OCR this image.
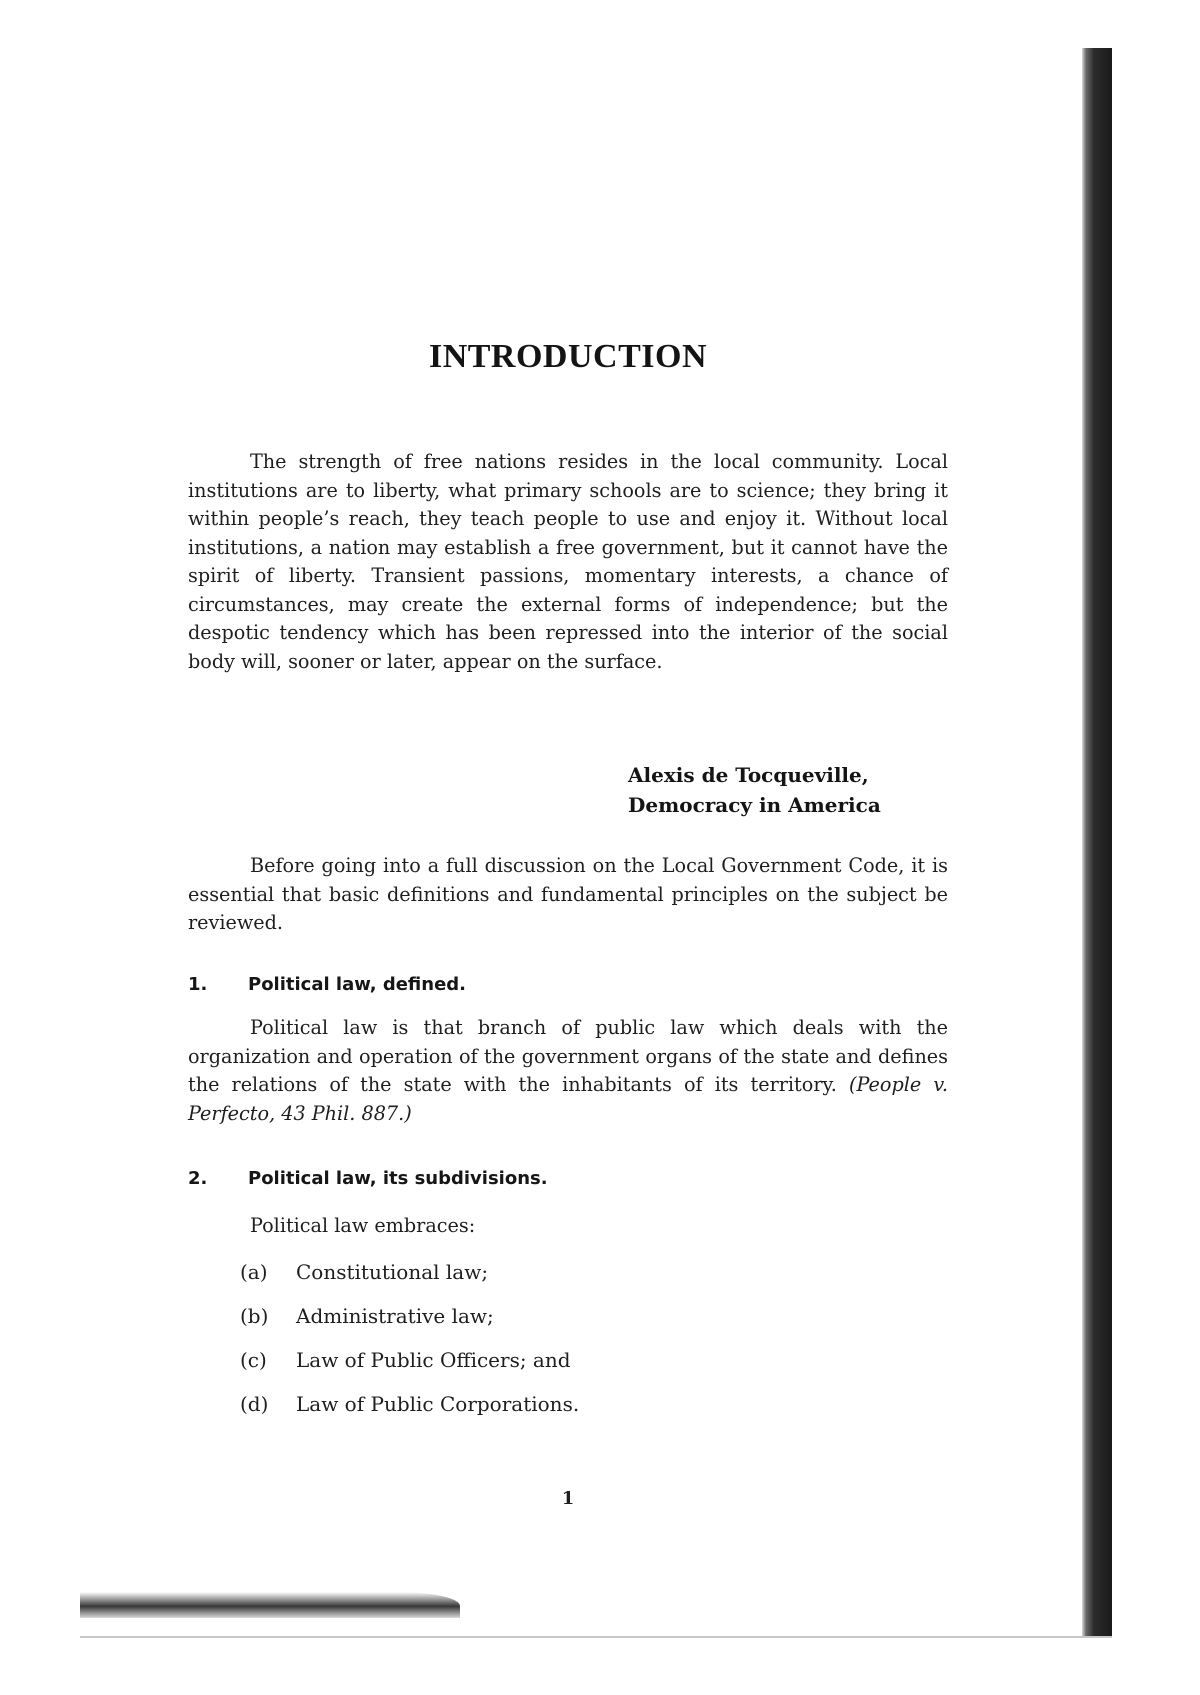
INTRODUCTION

The strength of free nations resides in the local community. Local institutions are to liberty, what primary schools are to science; they bring it within people’s reach, they teach people to use and enjoy it. Without local institutions, a nation may establish a free government, but it cannot have the spirit of liberty. Transient passions, momentary interests, a chance of circumstances, may create the external forms of independence; but the despotic tendency which has been repressed into the interior of the social body will, sooner or later, appear on the surface.

Alexis de Tocqueville,
Democracy in America

Before going into a full discussion on the Local Government Code, it is essential that basic definitions and fundamental principles on the subject be reviewed.

1. Political law, defined.

Political law is that branch of public law which deals with the organization and operation of the government organs of the state and defines the relations of the state with the inhabitants of its territory. (People v. Perfecto, 43 Phil. 887.)

2. Political law, its subdivisions.

Political law embraces:

(a) Constitutional law;
(b) Administrative law;
(c) Law of Public Officers; and
(d) Law of Public Corporations.
1
